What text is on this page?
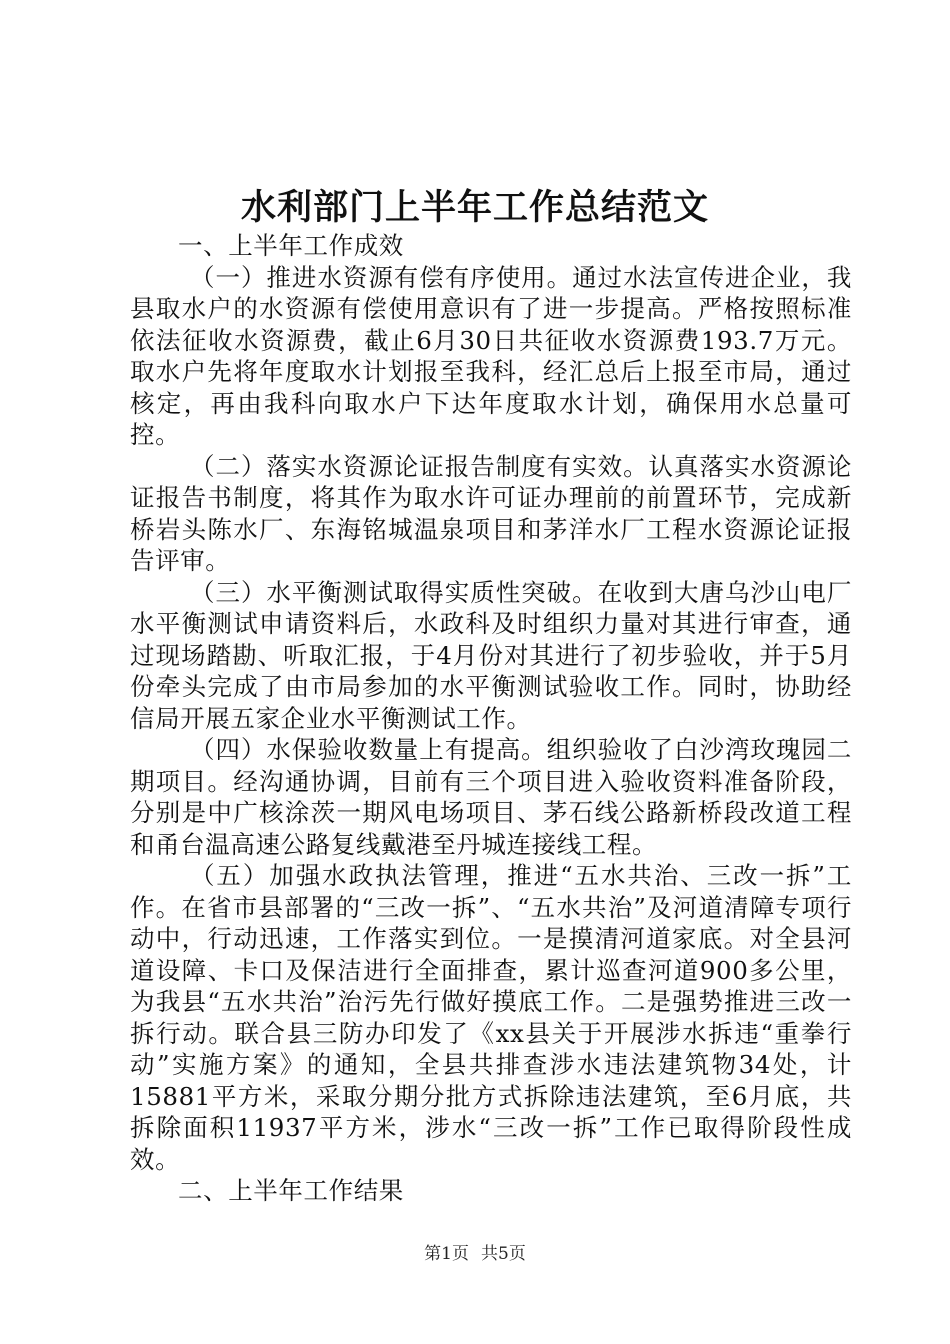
水利部门上半年工作总结范文

一、上半年工作成效

（一）推进水资源有偿有序使用。通过水法宣传进企业，我县取水户的水资源有偿使用意识有了进一步提高。严格按照标准依法征收水资源费，截止6月30日共征收水资源费193.7万元。取水户先将年度取水计划报至我科，经汇总后上报至市局，通过核定，再由我科向取水户下达年度取水计划，确保用水总量可控。

（二）落实水资源论证报告制度有实效。认真落实水资源论证报告书制度，将其作为取水许可证办理前的前置环节，完成新桥岩头陈水厂、东海铭城温泉项目和茅洋水厂工程水资源论证报告评审。

（三）水平衡测试取得实质性突破。在收到大唐乌沙山电厂水平衡测试申请资料后，水政科及时组织力量对其进行审查，通过现场踏勘、听取汇报，于4月份对其进行了初步验收，并于5月份牵头完成了由市局参加的水平衡测试验收工作。同时，协助经信局开展五家企业水平衡测试工作。

（四）水保验收数量上有提高。组织验收了白沙湾玫瑰园二期项目。经沟通协调，目前有三个项目进入验收资料准备阶段，分别是中广核涂茨一期风电场项目、茅石线公路新桥段改道工程和甬台温高速公路复线戴港至丹城连接线工程。

（五）加强水政执法管理，推进“五水共治、三改一拆”工作。在省市县部署的“三改一拆”、“五水共治”及河道清障专项行动中，行动迅速，工作落实到位。一是摸清河道家底。对全县河道设障、卡口及保洁进行全面排查，累计巡查河道900多公里，为我县“五水共治”治污先行做好摸底工作。二是强势推进三改一拆行动。联合县三防办印发了《xx县关于开展涉水拆违“重拳行动”实施方案》的通知，全县共排查涉水违法建筑物34处，计15881平方米，采取分期分批方式拆除违法建筑，至6月底，共拆除面积11937平方米，涉水“三改一拆”工作已取得阶段性成效。

二、上半年工作结果

第1页 共5页
